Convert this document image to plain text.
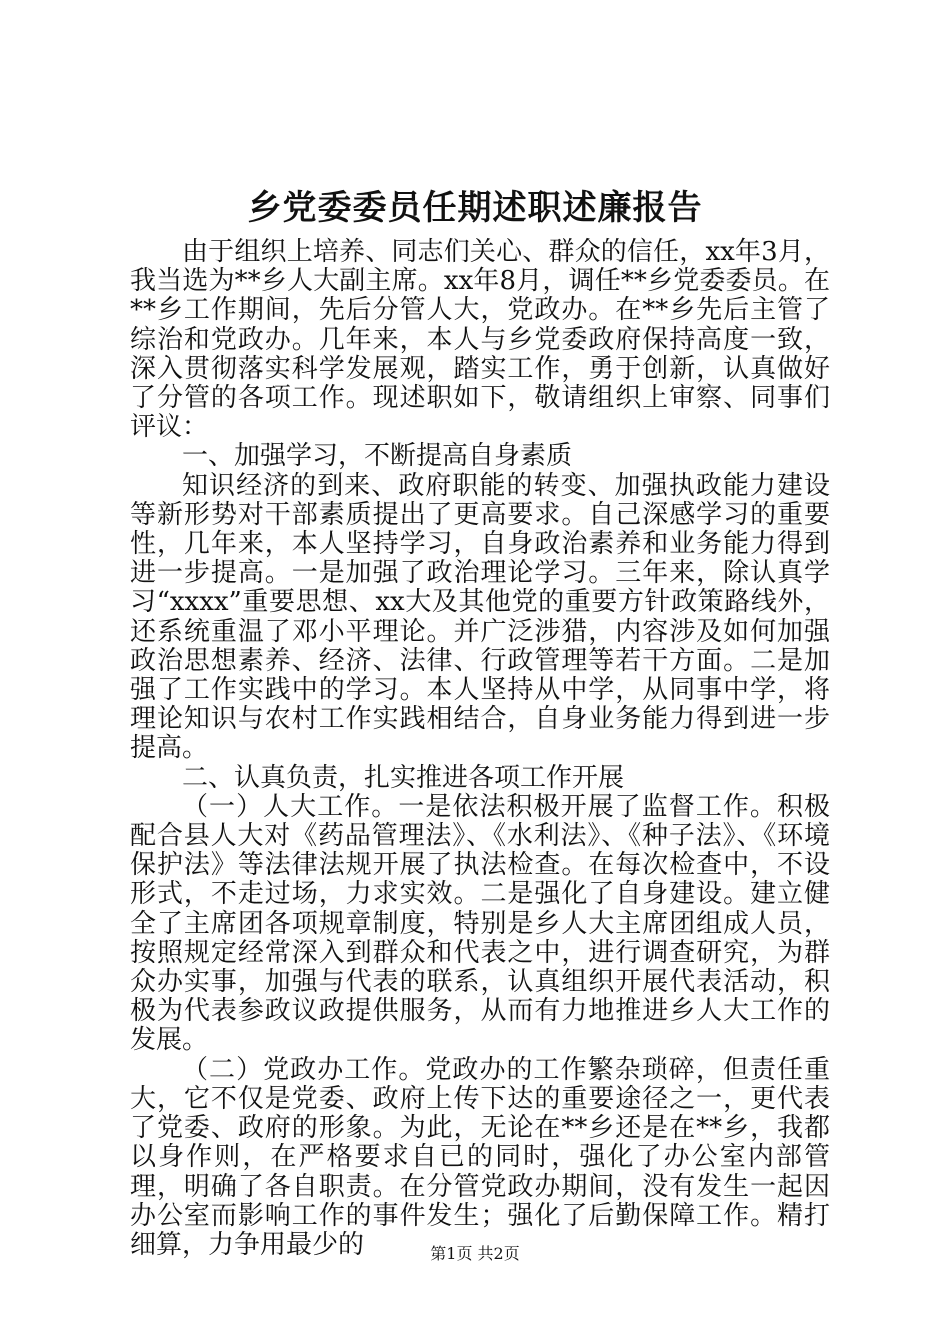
乡党委委员任期述职述廉报告

由于组织上培养、同志们关心、群众的信任，xx年3月，我当选为**乡人大副主席。xx年8月，调任**乡党委委员。在**乡工作期间，先后分管人大，党政办。在**乡先后主管了综治和党政办。几年来，本人与乡党委政府保持高度一致，深入贯彻落实科学发展观，踏实工作，勇于创新，认真做好了分管的各项工作。现述职如下，敬请组织上审察、同事们评议：

一、加强学习，不断提高自身素质

知识经济的到来、政府职能的转变、加强执政能力建设等新形势对干部素质提出了更高要求。自己深感学习的重要性，几年来，本人坚持学习，自身政治素养和业务能力得到进一步提高。一是加强了政治理论学习。三年来，除认真学习“xxxx”重要思想、xx大及其他党的重要方针政策路线外，还系统重温了邓小平理论。并广泛涉猎，内容涉及如何加强政治思想素养、经济、法律、行政管理等若干方面。二是加强了工作实践中的学习。本人坚持从中学，从同事中学，将理论知识与农村工作实践相结合，自身业务能力得到进一步提高。

二、认真负责，扎实推进各项工作开展

（一）人大工作。一是依法积极开展了监督工作。积极配合县人大对《药品管理法》、《水利法》、《种子法》、《环境保护法》等法律法规开展了执法检查。在每次检查中，不设形式，不走过场，力求实效。二是强化了自身建设。建立健全了主席团各项规章制度，特别是乡人大主席团组成人员，按照规定经常深入到群众和代表之中，进行调查研究，为群众办实事，加强与代表的联系，认真组织开展代表活动，积极为代表参政议政提供服务，从而有力地推进乡人大工作的发展。

（二）党政办工作。党政办的工作繁杂琐碎，但责任重大，它不仅是党委、政府上传下达的重要途径之一，更代表了党委、政府的形象。为此，无论在**乡还是在**乡，我都以身作则，在严格要求自已的同时，强化了办公室内部管理，明确了各自职责。在分管党政办期间，没有发生一起因办公室而影响工作的事件发生；强化了后勤保障工作。精打细算，力争用最少的	第1页 共2页
